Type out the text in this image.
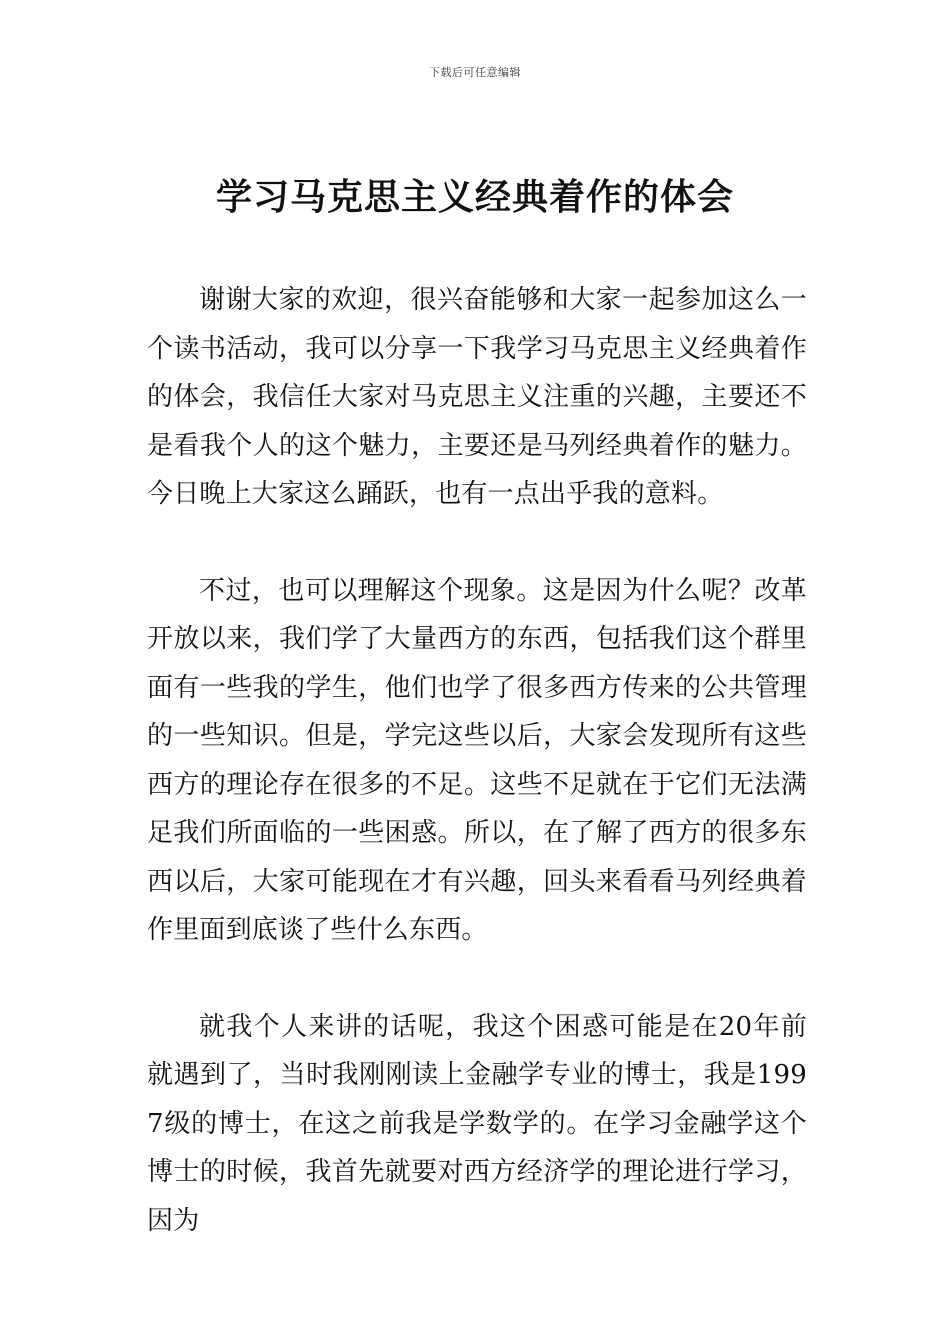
下载后可任意编辑
学习马克思主义经典着作的体会

谢谢大家的欢迎，很兴奋能够和大家一起参加这么一个读书活动，我可以分享一下我学习马克思主义经典着作的体会，我信任大家对马克思主义注重的兴趣，主要还不是看我个人的这个魅力，主要还是马列经典着作的魅力。今日晚上大家这么踊跃，也有一点出乎我的意料。

不过，也可以理解这个现象。这是因为什么呢？改革开放以来，我们学了大量西方的东西，包括我们这个群里面有一些我的学生，他们也学了很多西方传来的公共管理的一些知识。但是，学完这些以后，大家会发现所有这些西方的理论存在很多的不足。这些不足就在于它们无法满足我们所面临的一些困惑。所以，在了解了西方的很多东西以后，大家可能现在才有兴趣，回头来看看马列经典着作里面到底谈了些什么东西。

就我个人来讲的话呢，我这个困惑可能是在20年前就遇到了，当时我刚刚读上金融学专业的博士，我是1997级的博士，在这之前我是学数学的。在学习金融学这个博士的时候，我首先就要对西方经济学的理论进行学习，因为
